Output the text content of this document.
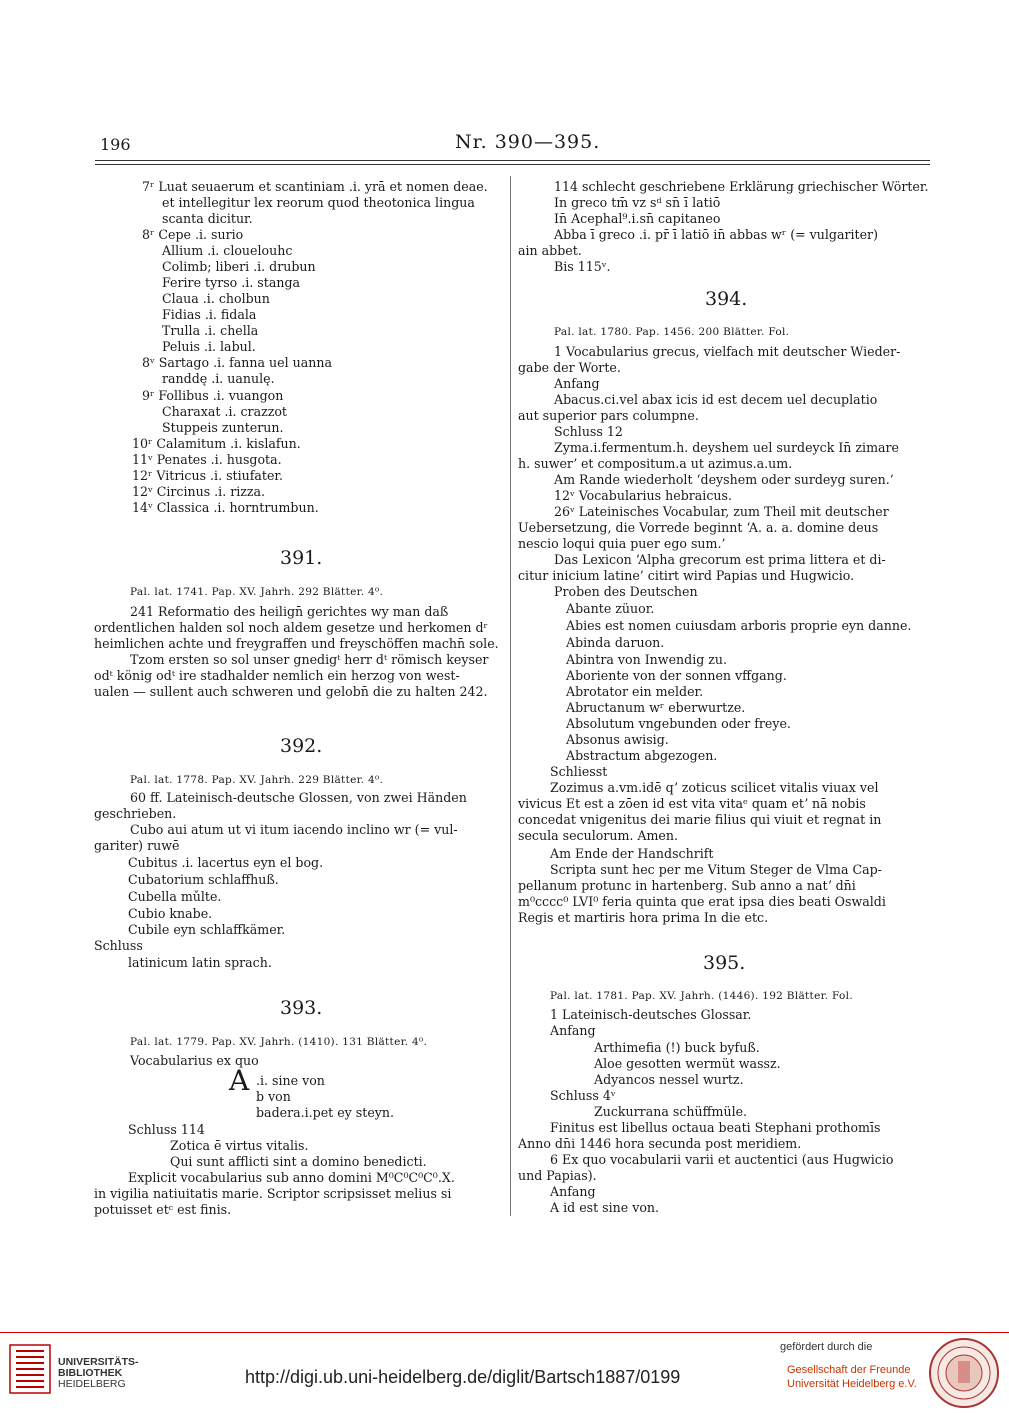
196	Nr. 390—395.
7ʳ Luat seuaerum et scantiniam .i. yrā et nomen deae.
et intellegitur lex reorum quod theotonica lingua
scanta dicitur.
8ʳ Cepe .i. surio
Allium .i. clouelouhc
Colimb; liberi .i. drubun
Ferire tyrso .i. stanga
Claua .i. cholbun
Fidias .i. fidala
Trulla .i. chella
Peluis .i. labul.
8ᵛ Sartago .i. fanna uel uanna
randdę .i. uanulę.
9ʳ Follibus .i. vuangon
Charaxat .i. crazzot
Stuppeis zunterun.
10ʳ Calamitum .i. kislafun.
11ᵛ Penates .i. husgota.
12ʳ Vitricus .i. stiufater.
12ᵛ Circinus .i. rizza.
14ᵛ Classica .i. horntrumbun.
391.
Pal. lat. 1741. Pap. XV. Jahrh. 292 Blätter. 4⁰.
241 Reformatio des heilign̄ gerichtes wy man daß
ordentlichen halden sol noch aldem gesetze und herkomen dʳ
heimlichen achte und freygraffen und freyschöffen machn̄ sole.
Tzom ersten so sol unser gnedigᵗ herr dᵗ römisch keyser
odᵗ könig odᵗ ire stadhalder nemlich ein herzog von west-
ualen — sullent auch schweren und gelobn̄ die zu halten 242.
392.
Pal. lat. 1778. Pap. XV. Jahrh. 229 Blätter. 4⁰.
60 ff. Lateinisch-deutsche Glossen, von zwei Händen
geschrieben.
Cubo aui atum ut vi itum iacendo inclino wr (= vul-
gariter) ruwē
Cubitus .i. lacertus eyn el bog.
Cubatorium schlaffhuß.
Cubella mǔlte.
Cubio knabe.
Cubile eyn schlaffkämer.
Schluss
latinicum latin sprach.
393.
Pal. lat. 1779. Pap. XV. Jahrh. (1410). 131 Blätter. 4⁰.
Vocabularius ex quo
A .i. sine von
b von
badera.i.pet ey steyn.
Schluss 114
Zotica ē virtus vitalis.
Qui sunt afflicti sint a domino benedicti.
Explicit vocabularius sub anno domini M⁰C⁰C⁰C⁰.X.
in vigilia natiuitatis marie. Scriptor scripsisset melius si
potuisset etᶜ est finis.
114 schlecht geschriebene Erklärung griechischer Wörter.
In greco tm̄ vz sᵈ sn̄ ī latiō
In̄ Acephal⁹.i.sn̄ capitaneo
Abba ī greco .i. pr̄ ī latiō in̄ abbas wʳ (= vulgariter)
ain abbet.
Bis 115ᵛ.
394.
Pal. lat. 1780. Pap. 1456. 200 Blätter. Fol.
1 Vocabularius grecus, vielfach mit deutscher Wieder-
gabe der Worte.
Anfang
Abacus.ci.vel abax icis id est decem uel decuplatio
aut superior pars columpne.
Schluss 12
Zyma.i.fermentum.h. deyshem uel surdeyck In̄ zimare
h. suwerʼ et compositum.a ut azimus.a.um.
Am Rande wiederholt ‘deyshem oder surdeyg suren.’
12ᵛ Vocabularius hebraicus.
26ᵛ Lateinisches Vocabular, zum Theil mit deutscher
Uebersetzung, die Vorrede beginnt ‘A. a. a. domine deus
nescio loqui quia puer ego sum.’
Das Lexicon ‘Alpha grecorum est prima littera et di-
citur inicium latine’ citirt wird Papias und Hugwicio.
Proben des Deutschen
Abante züuor.
Abies est nomen cuiusdam arboris proprie eyn danne.
Abinda daruon.
Abintra von Inwendig zu.
Aboriente von der sonnen vffgang.
Abrotator ein melder.
Abructanum wʳ eberwurtze.
Absolutum vngebunden oder freye.
Absonus awisig.
Abstractum abgezogen.
Schliesst
Zozimus a.vm.idē qʼ zoticus scilicet vitalis viuax vel
vivicus Et est a zōen id est vita vitaᵉ quam etʼ nā nobis
concedat vnigenitus dei marie filius qui viuit et regnat in
secula seculorum. Amen.
Am Ende der Handschrift
Scripta sunt hec per me Vitum Steger de Vlma Cap-
pellanum protunc in hartenberg. Sub anno a natʼ dn̄i
m⁰cccc⁰ LVI⁰ feria quinta que erat ipsa dies beati Oswaldi
Regis et martiris hora prima In die etc.
395.
Pal. lat. 1781. Pap. XV. Jahrh. (1446). 192 Blätter. Fol.
1 Lateinisch-deutsches Glossar.
Anfang
Arthimefia (!) buck byfuß.
Aloe gesotten wermüt wassz.
Adyancos nessel wurtz.
Schluss 4ᵛ
Zuckurrana schüffmüle.
Finitus est libellus octaua beati Stephani prothomīs
Anno dn̄i 1446 hora secunda post meridiem.
6 Ex quo vocabularii varii et auctentici (aus Hugwicio
und Papias).
Anfang
A id est sine von.
UNIVERSITÄTS-
BIBLIOTHEK
HEIDELBERG	http://digi.ub.uni-heidelberg.de/diglit/Bartsch1887/0199
gefördert durch die
Gesellschaft der Freunde
Universität Heidelberg e.V.
